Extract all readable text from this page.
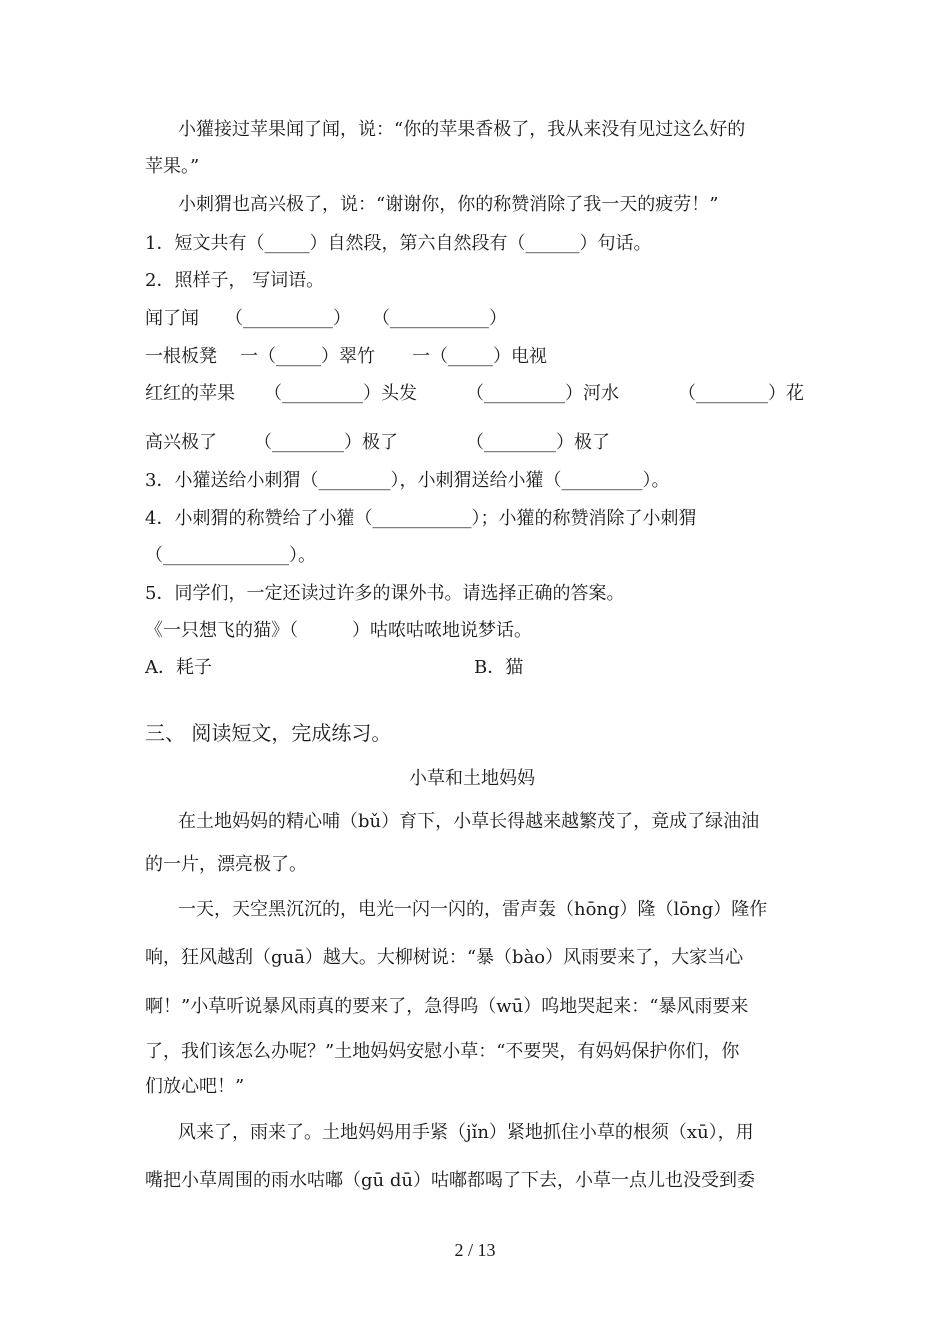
小獾接过苹果闻了闻，说：“你的苹果香极了，我从来没有见过这么好的
苹果。”
小刺猬也高兴极了，说：“谢谢你，你的称赞消除了我一天的疲劳！”
1．短文共有（_____）自然段，第六自然段有（______）句话。
2．照样子， 写词语。
闻了闻 （__________） （___________）
一根板凳 一（_____）翠竹 一（_____）电视
红红的苹果 （_________）头发	（_________）河水	（________）花
高兴极了 （________）极了	（________）极了
3．小獾送给小刺猬（________），小刺猬送给小獾（_________）。
4．小刺猬的称赞给了小獾（___________）；小獾的称赞消除了小刺猬
（______________）。
5．同学们，一定还读过许多的课外书。请选择正确的答案。
《一只想飞的猫》（　　　）咕哝咕哝地说梦话。
A．耗子	B．猫
三、 阅读短文，完成练习。
小草和土地妈妈
在土地妈妈的精心哺（bǔ）育下，小草长得越来越繁茂了，竟成了绿油油
的一片，漂亮极了。
一天，天空黑沉沉的，电光一闪一闪的，雷声轰（hōng）隆（lōng）隆作
响，狂风越刮（guā）越大。大柳树说：“暴（bào）风雨要来了，大家当心
啊！”小草听说暴风雨真的要来了，急得呜（wū）呜地哭起来：“暴风雨要来
了，我们该怎么办呢？”土地妈妈安慰小草：“不要哭，有妈妈保护你们，你
们放心吧！”
风来了，雨来了。土地妈妈用手紧（jǐn）紧地抓住小草的根须（xū），用
嘴把小草周围的雨水咕嘟（gū dū）咕嘟都喝了下去，小草一点儿也没受到委
2 / 13
